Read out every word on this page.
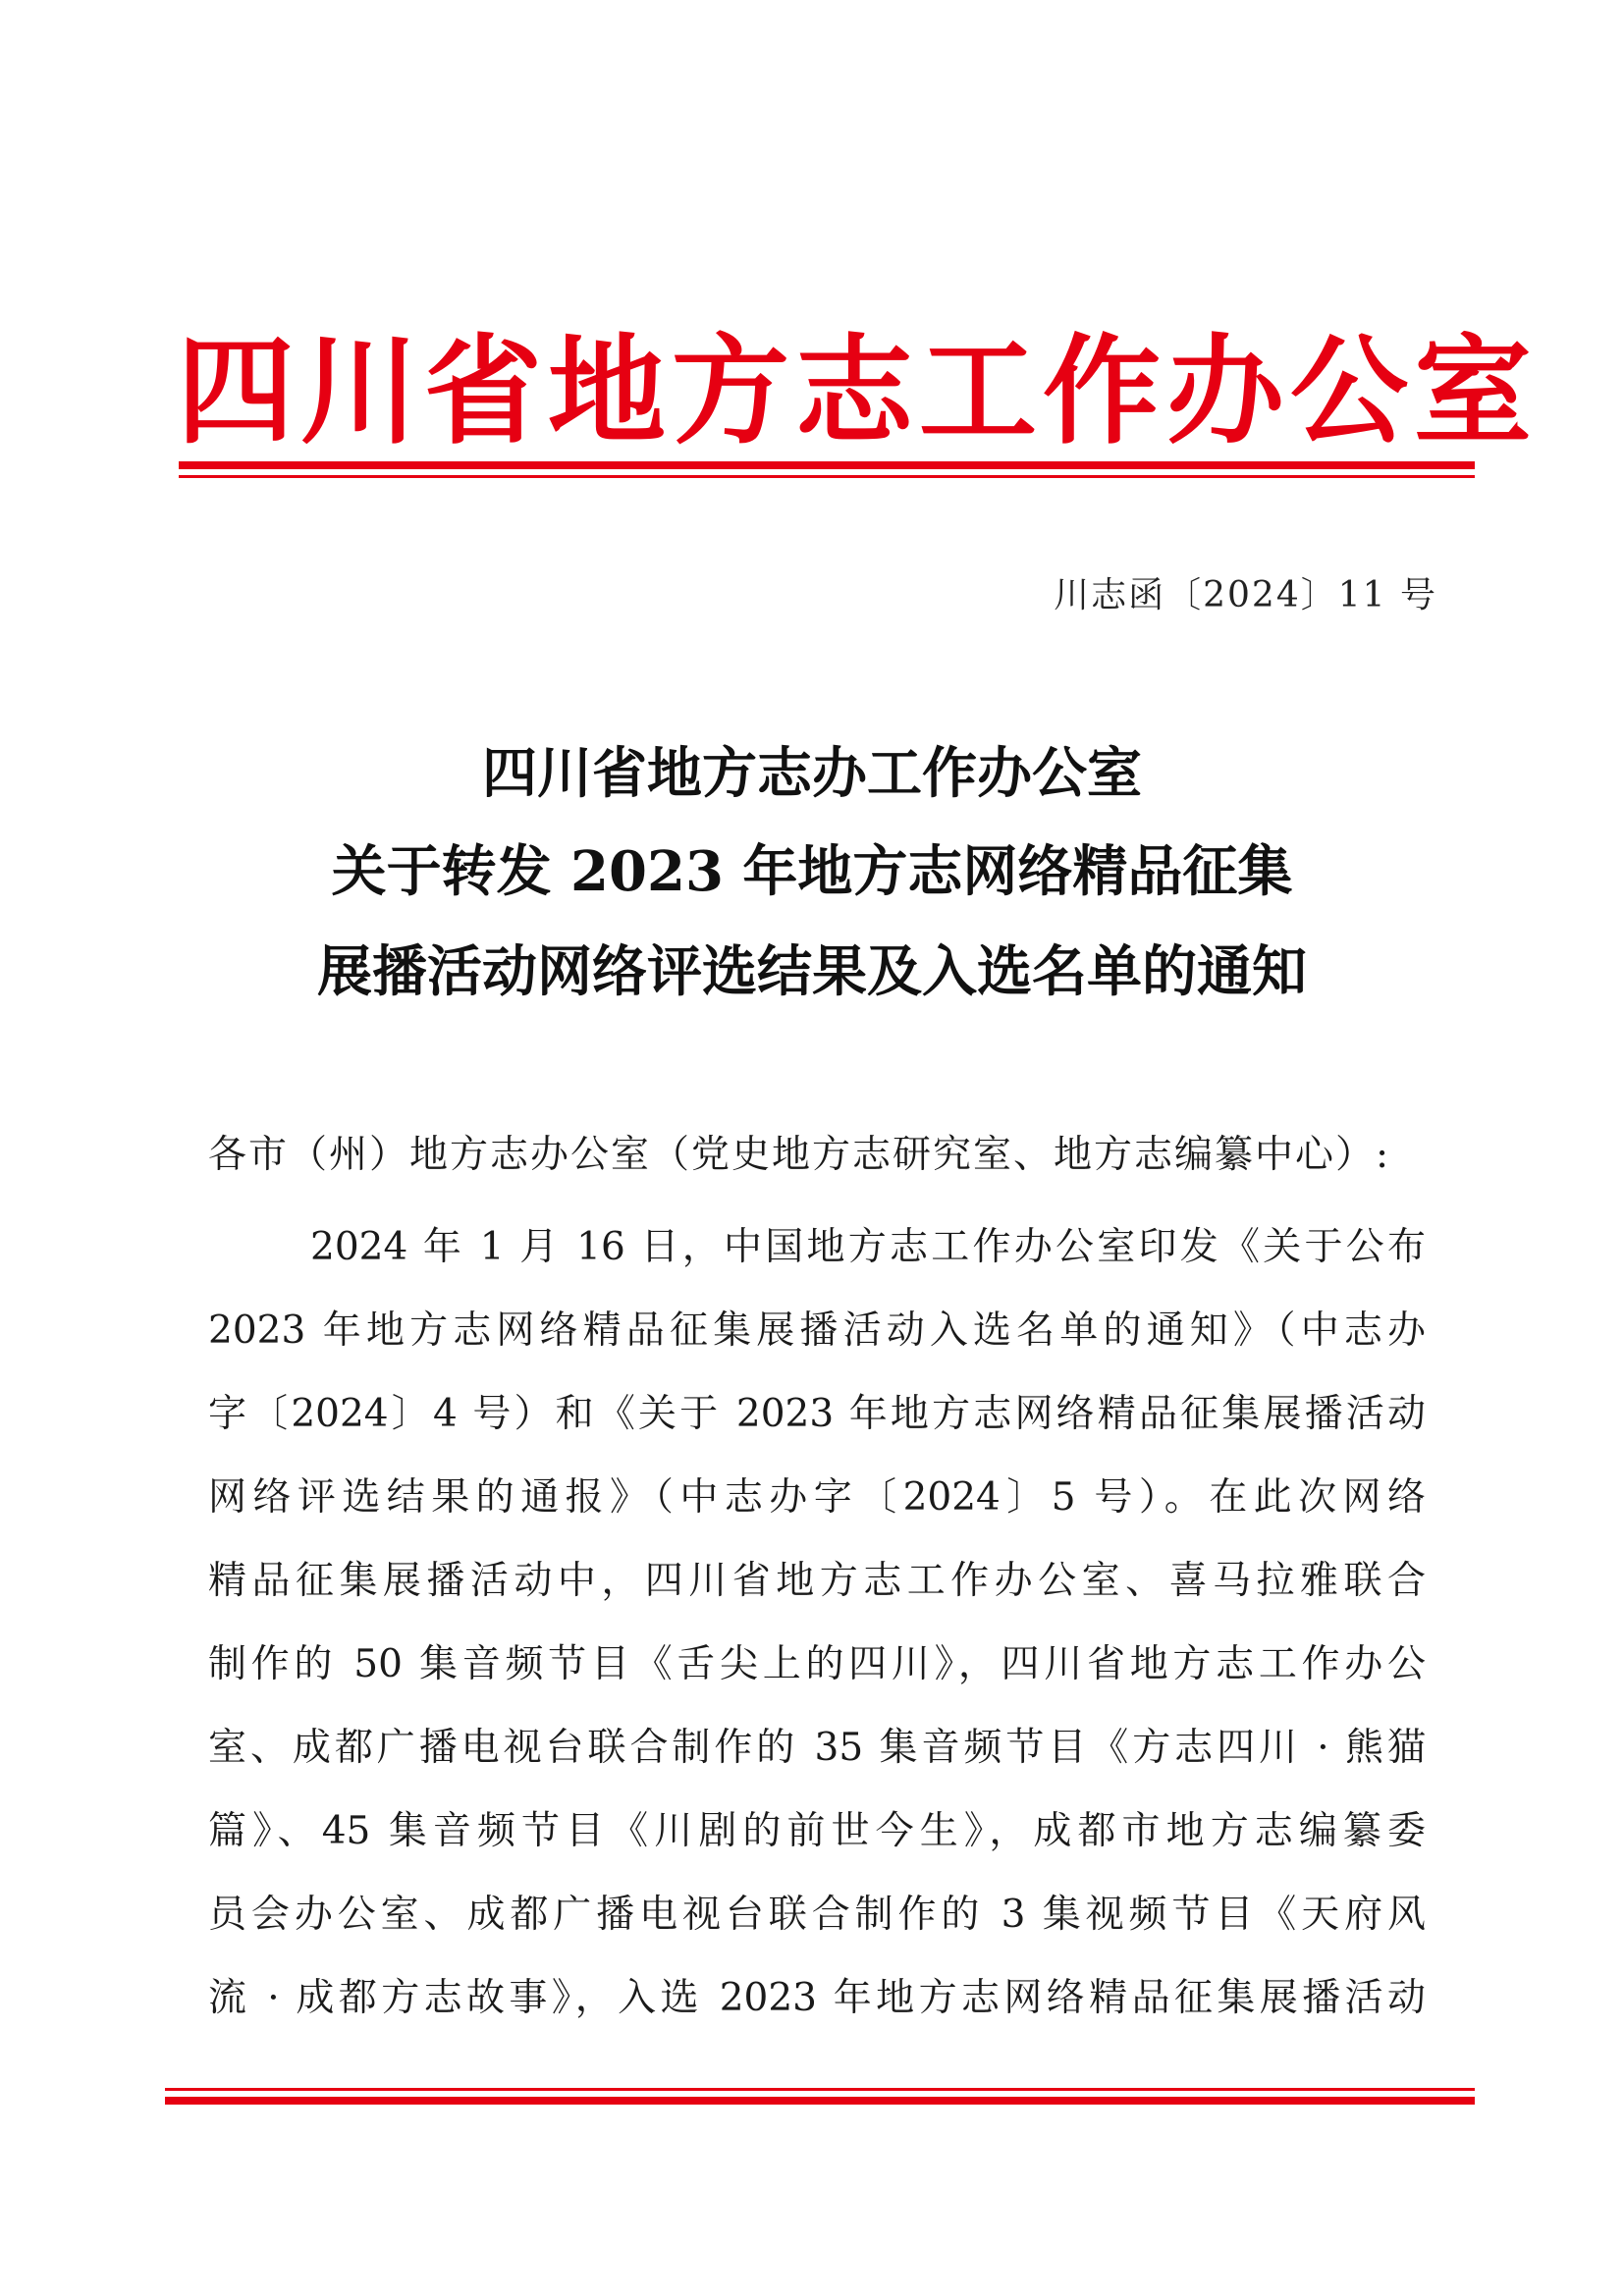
四川省地方志工作办公室
川志函〔2024〕11 号
四川省地方志办工作办公室
关于转发 2023 年地方志网络精品征集
展播活动网络评选结果及入选名单的通知
各市（州）地方志办公室（党史地方志研究室、地方志编纂中心）:
2024 年 1 月 16 日，中国地方志工作办公室印发《关于公布
2023 年地方志网络精品征集展播活动入选名单的通知》（中志办
字〔2024〕4 号）和《关于 2023 年地方志网络精品征集展播活动
网络评选结果的通报》（中志办字〔2024〕5 号）。在此次网络
精品征集展播活动中，四川省地方志工作办公室、喜马拉雅联合
制作的 50 集音频节目《舌尖上的四川》，四川省地方志工作办公
室、成都广播电视台联合制作的 35 集音频节目《方志四川 · 熊猫
篇》、45 集音频节目《川剧的前世今生》，成都市地方志编纂委
员会办公室、成都广播电视台联合制作的 3 集视频节目《天府风
流 · 成都方志故事》，入选 2023 年地方志网络精品征集展播活动
